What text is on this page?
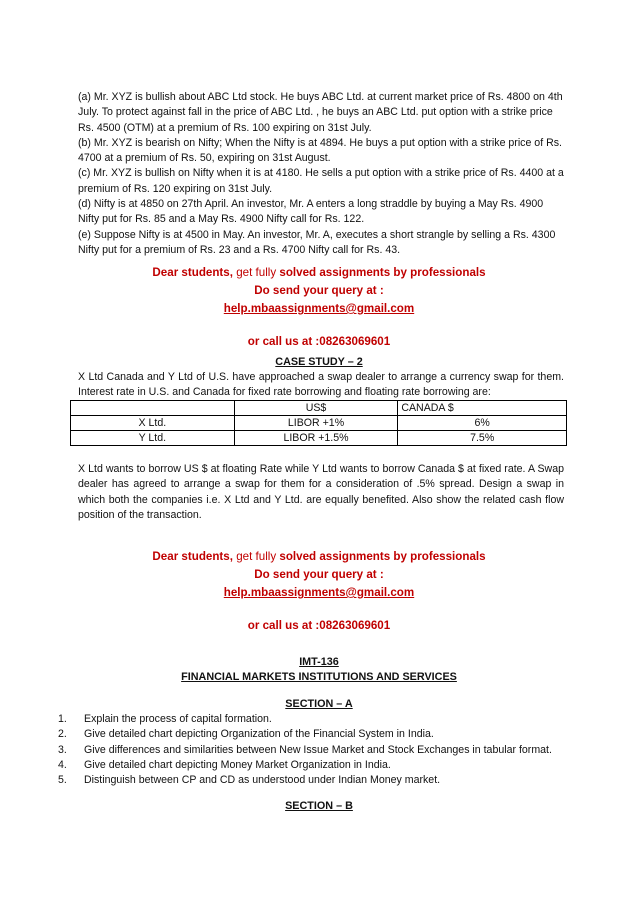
(a) Mr. XYZ is bullish about ABC Ltd stock. He buys ABC Ltd. at current market price of Rs. 4800 on 4th July. To protect against fall in the price of ABC Ltd. , he buys an ABC Ltd. put option with a strike price Rs. 4500 (OTM) at a premium of Rs. 100 expiring on 31st July.

(b) Mr. XYZ is bearish on Nifty; When the Nifty is at 4894. He buys a put option with a strike price of Rs. 4700 at a premium of Rs. 50, expiring on 31st August.

(c) Mr. XYZ is bullish on Nifty when it is at 4180. He sells a put option with a strike price of Rs. 4400 at a premium of Rs. 120 expiring on 31st July.

(d) Nifty is at 4850 on 27th April. An investor, Mr. A enters a long straddle by buying a May Rs. 4900 Nifty put for Rs. 85 and a May Rs. 4900 Nifty call for Rs. 122.

(e) Suppose Nifty is at 4500 in May. An investor, Mr. A, executes a short strangle by selling a Rs. 4300 Nifty put for a premium of Rs. 23 and a Rs. 4700 Nifty call for Rs. 43.

Dear students, get fully solved assignments by professionals
Do send your query at :
help.mbaassignments@gmail.com
or call us at :08263069601
CASE STUDY – 2

X Ltd Canada and Y Ltd of U.S. have approached a swap dealer to arrange a currency swap for them. Interest rate in U.S. and Canada for fixed rate borrowing and floating rate borrowing are:

	US$	CANADA $
X Ltd.	LIBOR +1%	6%
Y Ltd.	LIBOR +1.5%	7.5%

X Ltd wants to borrow US $ at floating Rate while Y Ltd wants to borrow Canada $ at fixed rate. A Swap dealer has agreed to arrange a swap for them for a consideration of .5% spread. Design a swap in which both the companies i.e. X Ltd and Y Ltd. are equally benefited. Also show the related cash flow position of the transaction.

Dear students, get fully solved assignments by professionals
Do send your query at :
help.mbaassignments@gmail.com
or call us at :08263069601
IMT-136
FINANCIAL MARKETS INSTITUTIONS AND SERVICES
SECTION – A
1.	Explain the process of capital formation.
2.	Give detailed chart depicting Organization of the Financial System in India.
3.	Give differences and similarities between New Issue Market and Stock Exchanges in tabular format.
4.	Give detailed chart depicting Money Market Organization in India.
5.	Distinguish between CP and CD as understood under Indian Money market.
SECTION – B
